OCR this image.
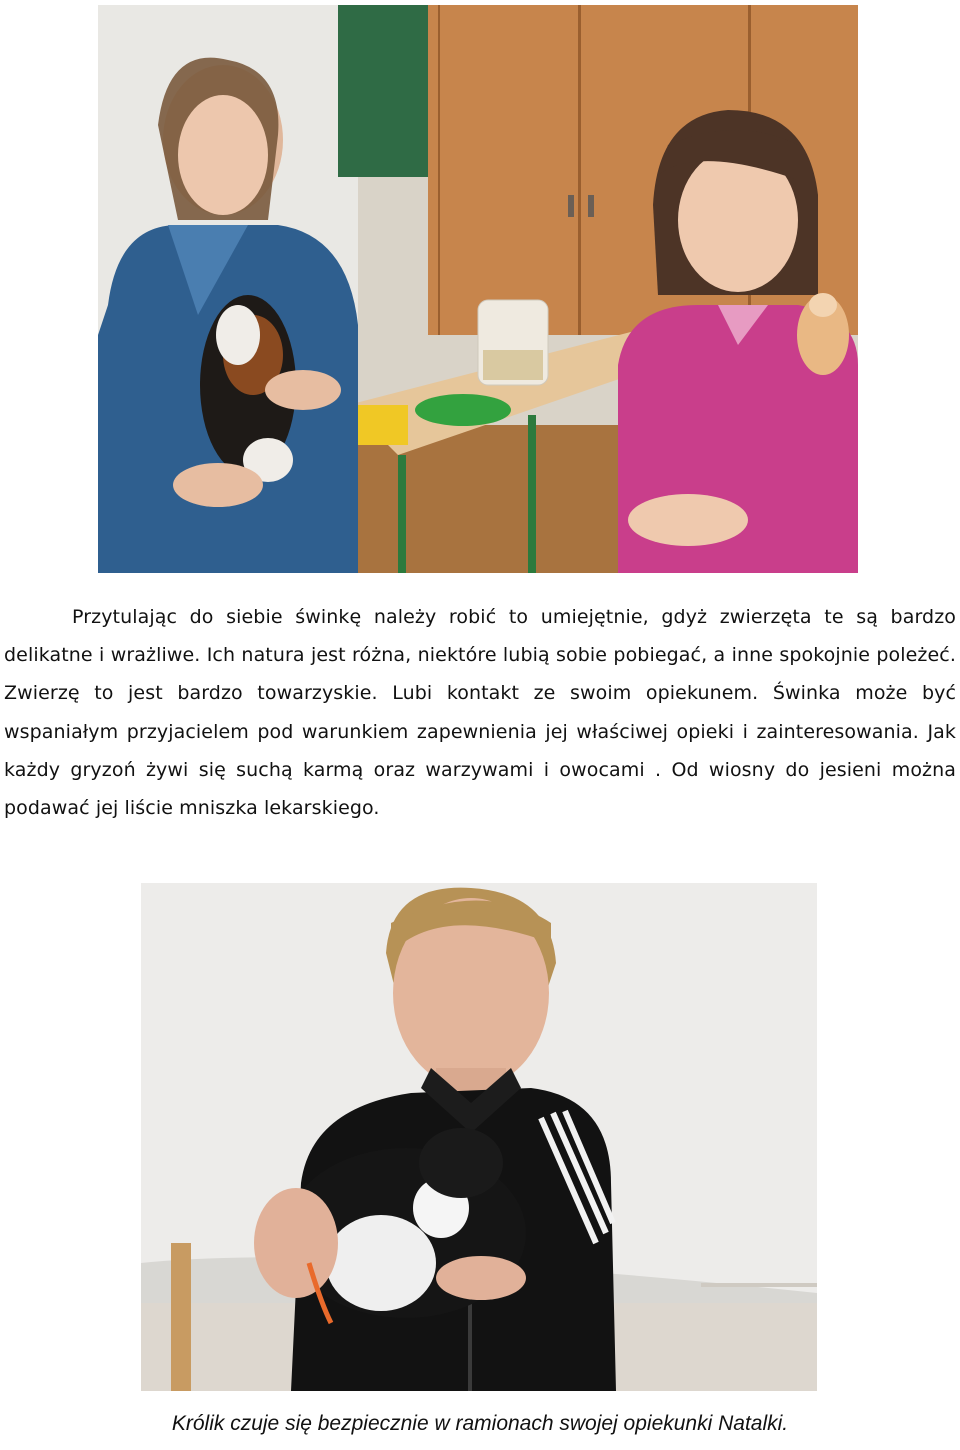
Przytulając do siebie świnkę należy robić to umiejętnie, gdyż zwierzęta te są bardzo delikatne i wrażliwe. Ich natura jest różna, niektóre lubią sobie pobiegać, a inne spokojnie poleżeć. Zwierzę to jest bardzo towarzyskie. Lubi kontakt ze swoim opiekunem. Świnka może być wspaniałym przyjacielem pod warunkiem zapewnienia jej właściwej opieki i zainteresowania. Jak każdy gryzoń żywi się suchą karmą oraz warzywami i owocami . Od wiosny do jesieni można podawać jej liście mniszka lekarskiego.
Królik czuje się bezpiecznie w ramionach swojej opiekunki Natalki.
